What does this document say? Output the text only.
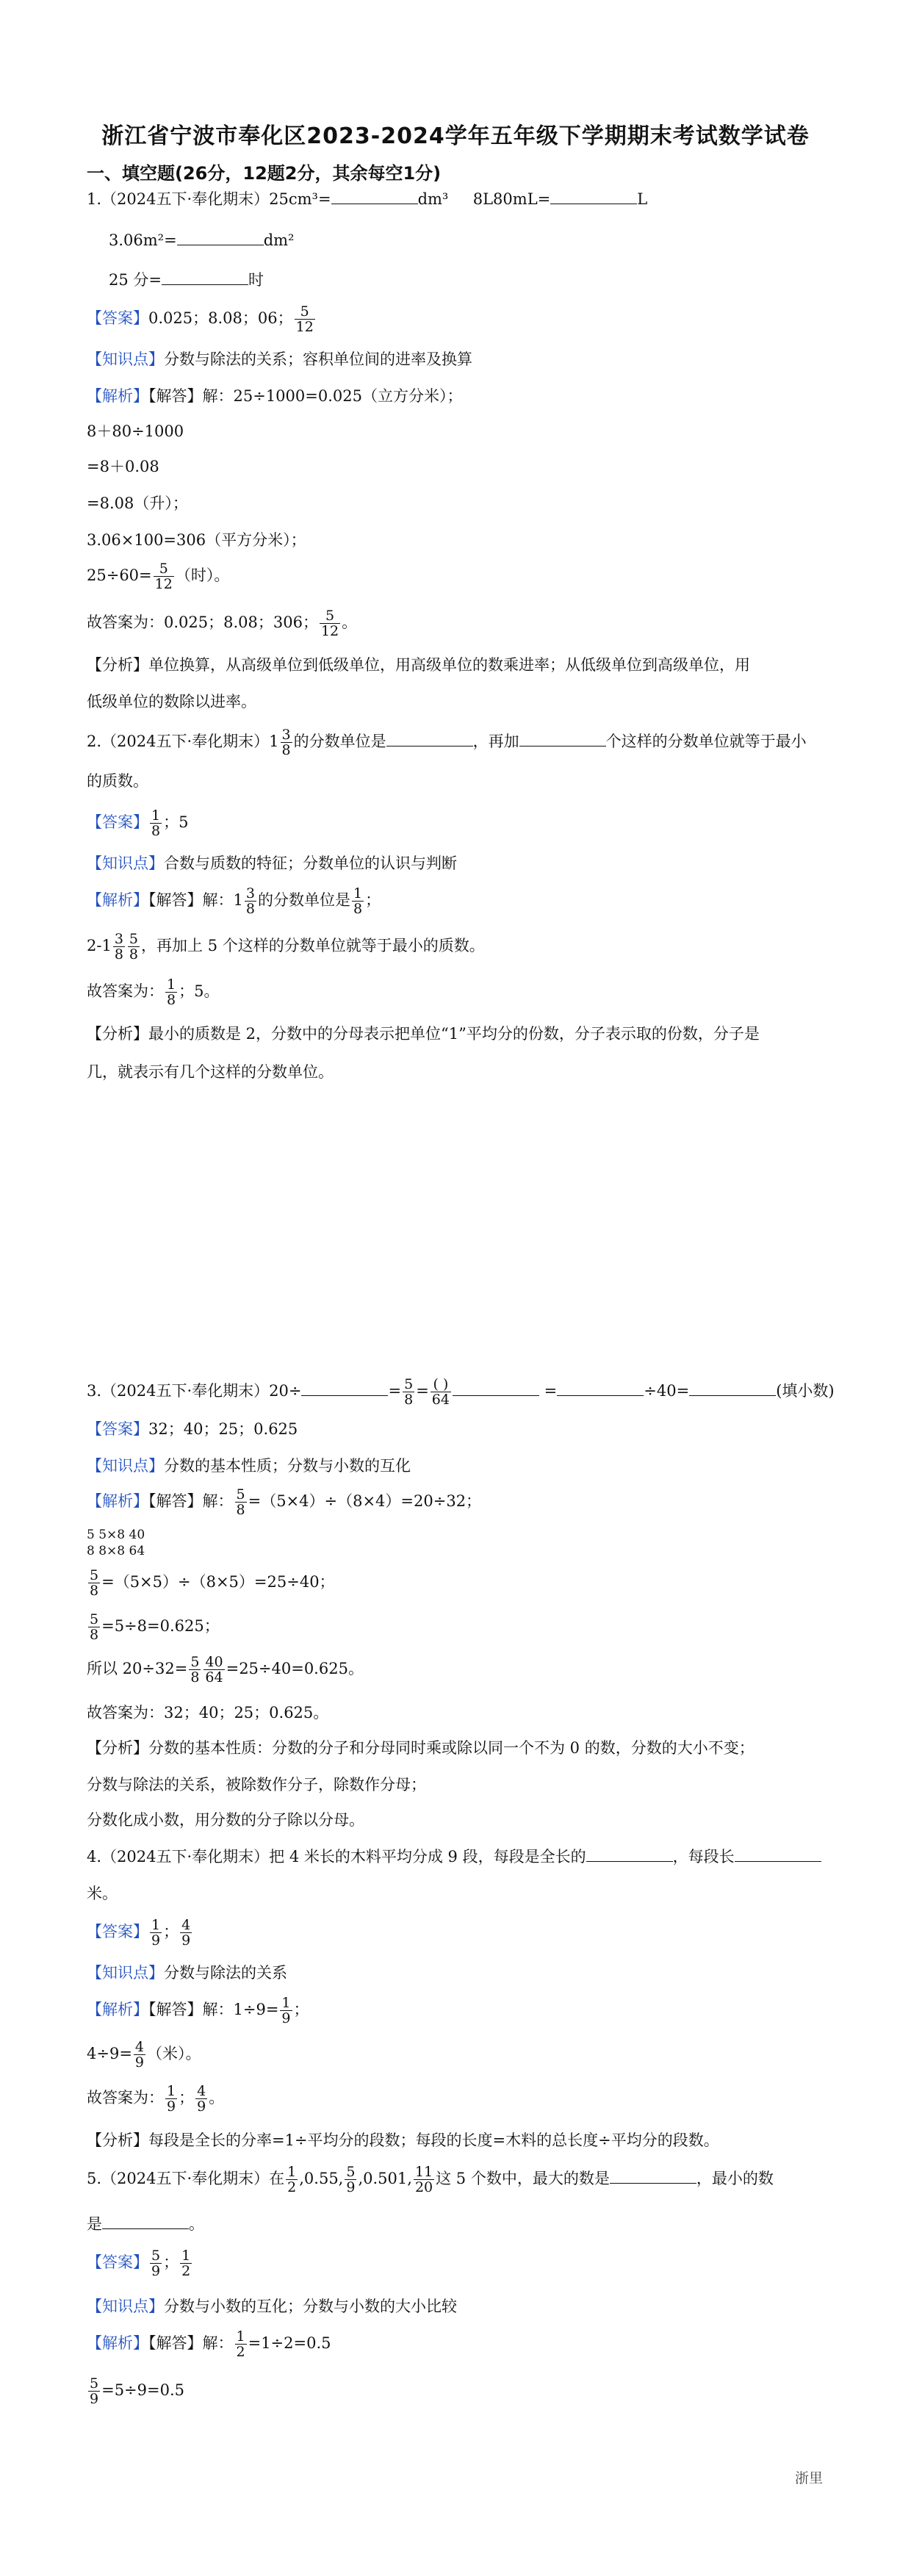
浙江省宁波市奉化区2023-2024学年五年级下学期期末考试数学试卷
一、填空题(26分，12题2分，其余每空1分)
1.（2024五下·奉化期末）25cm³=	dm³ 8L80mL=	L
3.06m²=	dm²
25 分=	时
【答案】0.025；8.08；06； $\frac{5}{12}$
【知识点】分数与除法的关系；容积单位间的进率及换算
【解析】【解答】解：25÷1000=0.025（立方分米）；
8＋80÷1000
=8＋0.08
=8.08（升）；
3.06×100=306（平方分米）；
$25\div 60= \frac{5}{12}$ （时）。
故答案为：0.025；8.08；306； $\frac{5}{12}$ 。
【分析】单位换算，从高级单位到低级单位，用高级单位的数乘进率；从低级单位到高级单位，用
低级单位的数除以进率。
2.（2024五下·奉化期末）$1 \frac{3}{8}$ 的分数单位是	，再加	个这样的分数单位就等于最小
的质数。
【答案】 $\frac{1}{8}$ ；5
【知识点】合数与质数的特征；分数单位的认识与判断
【解析】【解答】解：$1 \frac{3}{8}$ 的分数单位是 $\frac{1}{8}$ ；
$2-1 \frac{3}{8} \frac{5}{8}$ ，再加上 5 个这样的分数单位就等于最小的质数。
故答案为： $\frac{1}{8}$ ；5。
【分析】最小的质数是 2，分数中的分母表示把单位“1”平均分的份数，分子表示取的份数，分子是
几，就表示有几个这样的分数单位。
3.（2024五下·奉化期末）20÷	= $\frac{5}{8} = \frac{( )}{64}$	=	÷40=	(填小数)
【答案】32；40；25；0.625
【知识点】分数的基本性质；分数与小数的互化
【解析】【解答】解： $\frac{5}{8} =(5\times 4)\div(8\times 4)=20\div 32$；
5 5×8 40
8 8×8 64
$\frac{5}{8} =(5\times 5)\div(8\times 5)=25\div 40$；
$\frac{5}{8} =5\div 8=0.625$；
所以 $20\div 32= \frac{5}{8} \frac{40}{64} =25\div 40=0.625$。
故答案为：32；40；25；0.625。
【分析】分数的基本性质：分数的分子和分母同时乘或除以同一个不为 0 的数，分数的大小不变；
分数与除法的关系，被除数作分子，除数作分母；
分数化成小数，用分数的分子除以分母。
4.（2024五下·奉化期末）把 4 米长的木料平均分成 9 段，每段是全长的	，每段长
米。
【答案】 $\frac{1}{9}$ ； $\frac{4}{9}$
【知识点】分数与除法的关系
【解析】【解答】解：$1\div 9= \frac{1}{9}$ ；
$4\div 9= \frac{4}{9}$ （米）。
故答案为： $\frac{1}{9}$ ； $\frac{4}{9}$ 。
【分析】每段是全长的分率=1÷平均分的段数；每段的长度=木料的总长度÷平均分的段数。
5.（2024五下·奉化期末）在 $\frac{1}{2} ,0.55$, $\frac{5}{9} ,0.501$, $\frac{11}{20}$ 这 5 个数中，最大的数是	，最小的数
是	。
【答案】 $\frac{5}{9}$ ； $\frac{1}{2}$
【知识点】分数与小数的互化；分数与小数的大小比较
【解析】【解答】解： $\frac{1}{2} =1\div 2=0.5$
$\frac{5}{9} =5\div 9=0.5$
浙里
